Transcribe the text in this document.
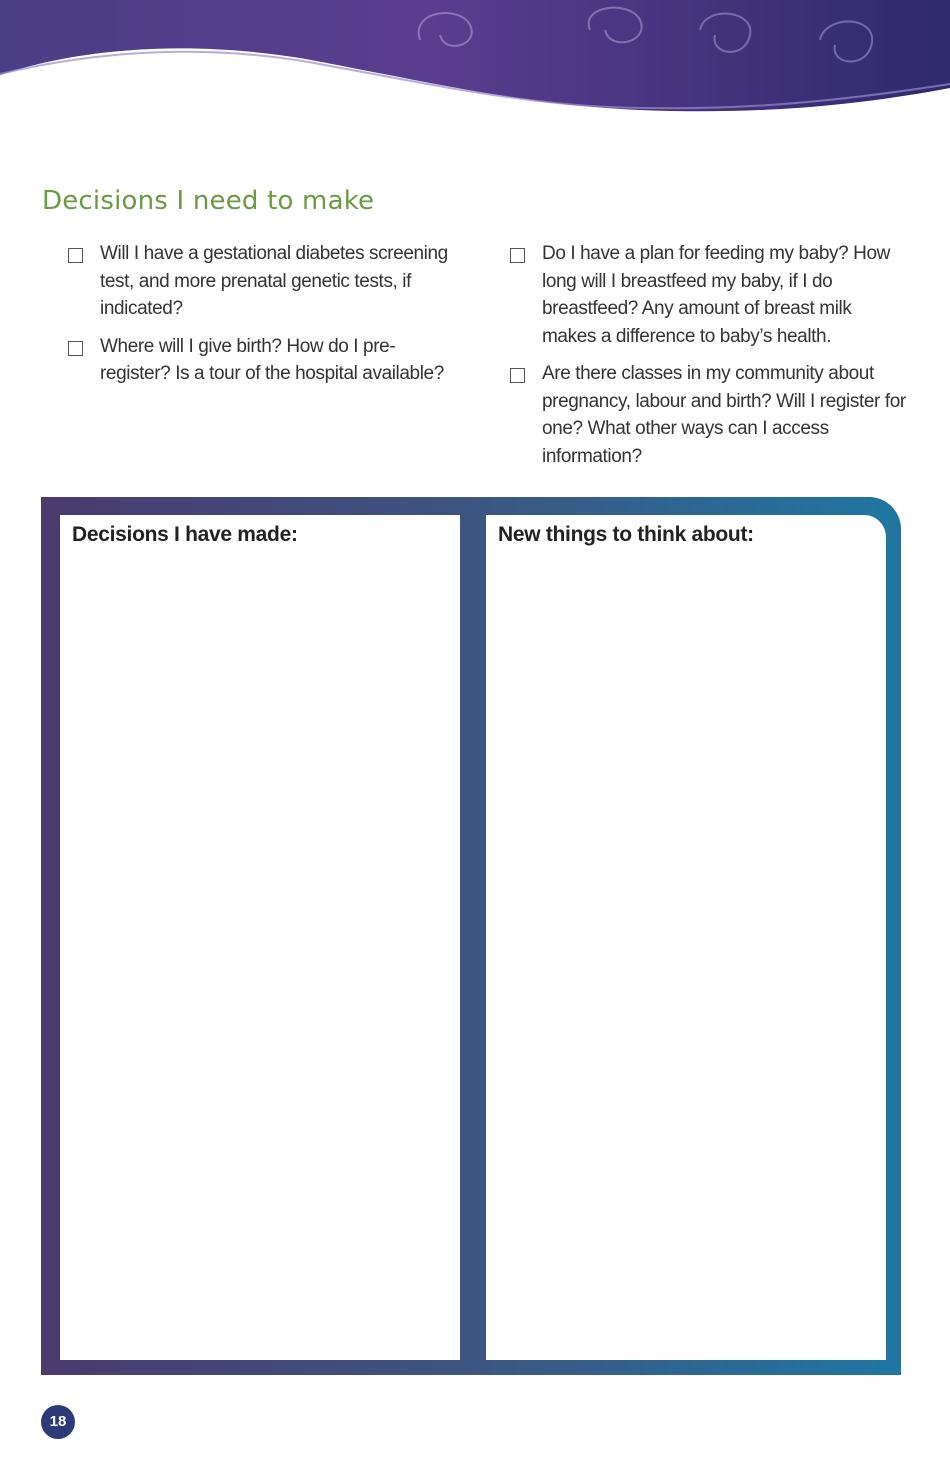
Decisions I need to make
Will I have a gestational diabetes screening test, and more prenatal genetic tests, if indicated?
Where will I give birth? How do I pre-register? Is a tour of the hospital available?
Do I have a plan for feeding my baby? How long will I breastfeed my baby, if I do breastfeed? Any amount of breast milk makes a difference to baby’s health.
Are there classes in my community about pregnancy, labour and birth? Will I register for one? What other ways can I access information?
Decisions I have made:	New things to think about:
18
